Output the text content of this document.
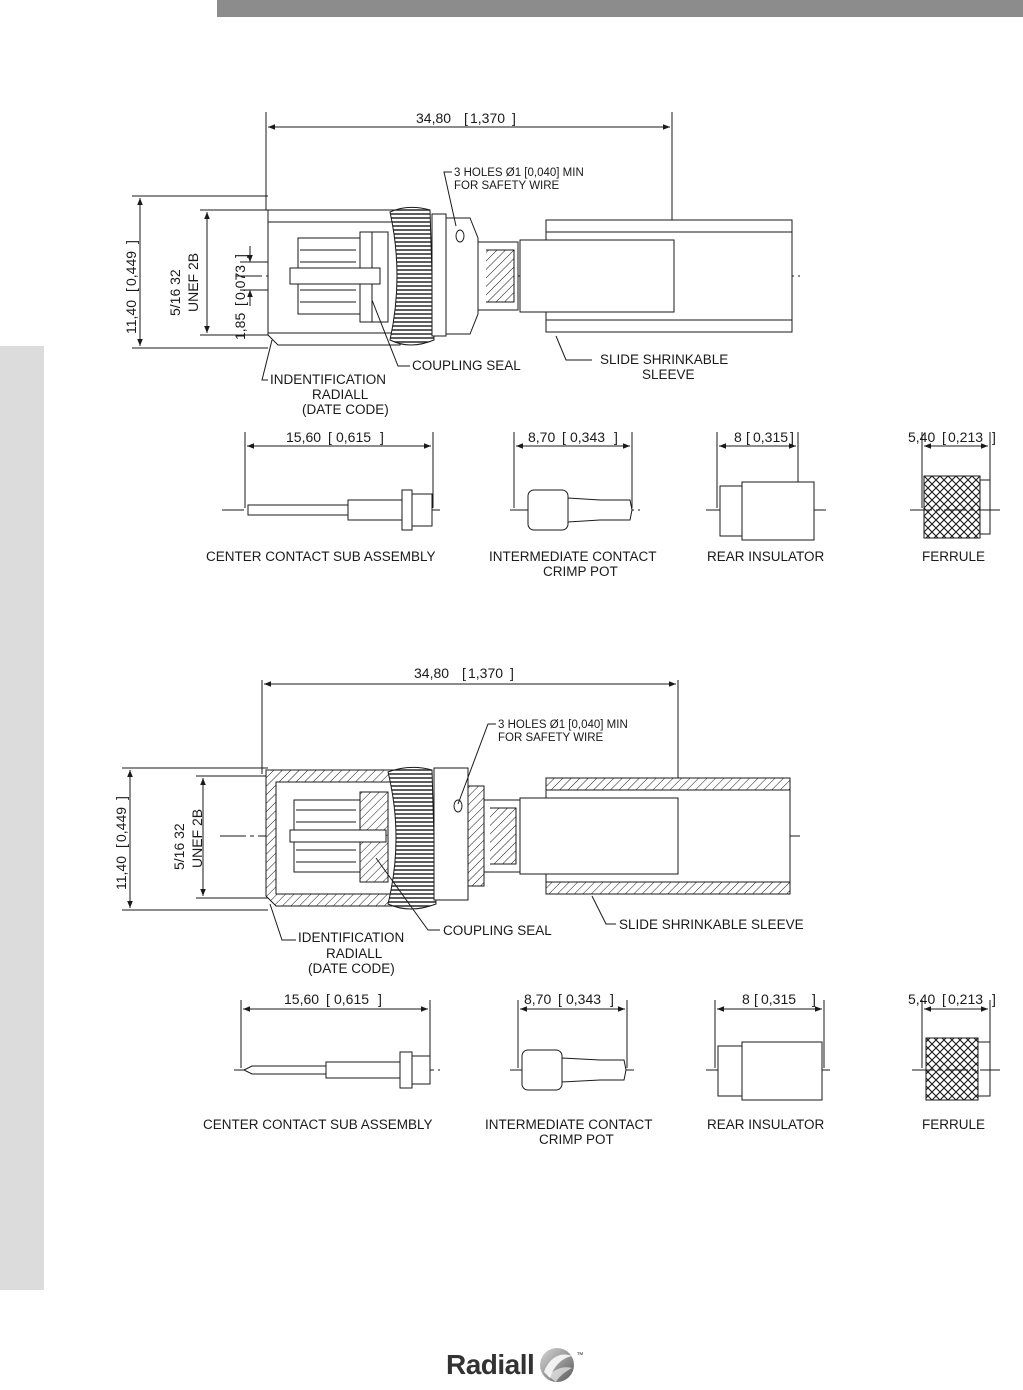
34,80 [ 1,370 ]
11,40
[
0,449
]
5/16 32 UNEF 2B
1,85
[
0,073
]
3 HOLES Ø1 [0,040] MIN
FOR SAFETY WIRE
COUPLING SEAL	SLIDE SHRINKABLE
SLEEVE
INDENTIFICATION
RADIALL
(DATE CODE)
15,60 [ 0,615 ]
CENTER CONTACT SUB ASSEMBLY
8,70 [ 0,343 ]
INTERMEDIATE CONTACT
CRIMP POT
8 [ 0,315 ]
REAR INSULATOR
5,40 [ 0,213 ]
FERRULE
34,80 [ 1,370 ]
11,40
[
0,449
]
5/16 32 UNEF 2B
3 HOLES Ø1 [0,040] MIN
FOR SAFETY WIRE
COUPLING SEAL	SLIDE SHRINKABLE SLEEVE
IDENTIFICATION
RADIALL
(DATE CODE)
15,60 [ 0,615 ]
CENTER CONTACT SUB ASSEMBLY
8,70 [ 0,343 ]
INTERMEDIATE CONTACT
CRIMP POT
8 [ 0,315 ]
REAR INSULATOR
5,40 [ 0,213 ]
FERRULE
Radiall	™
